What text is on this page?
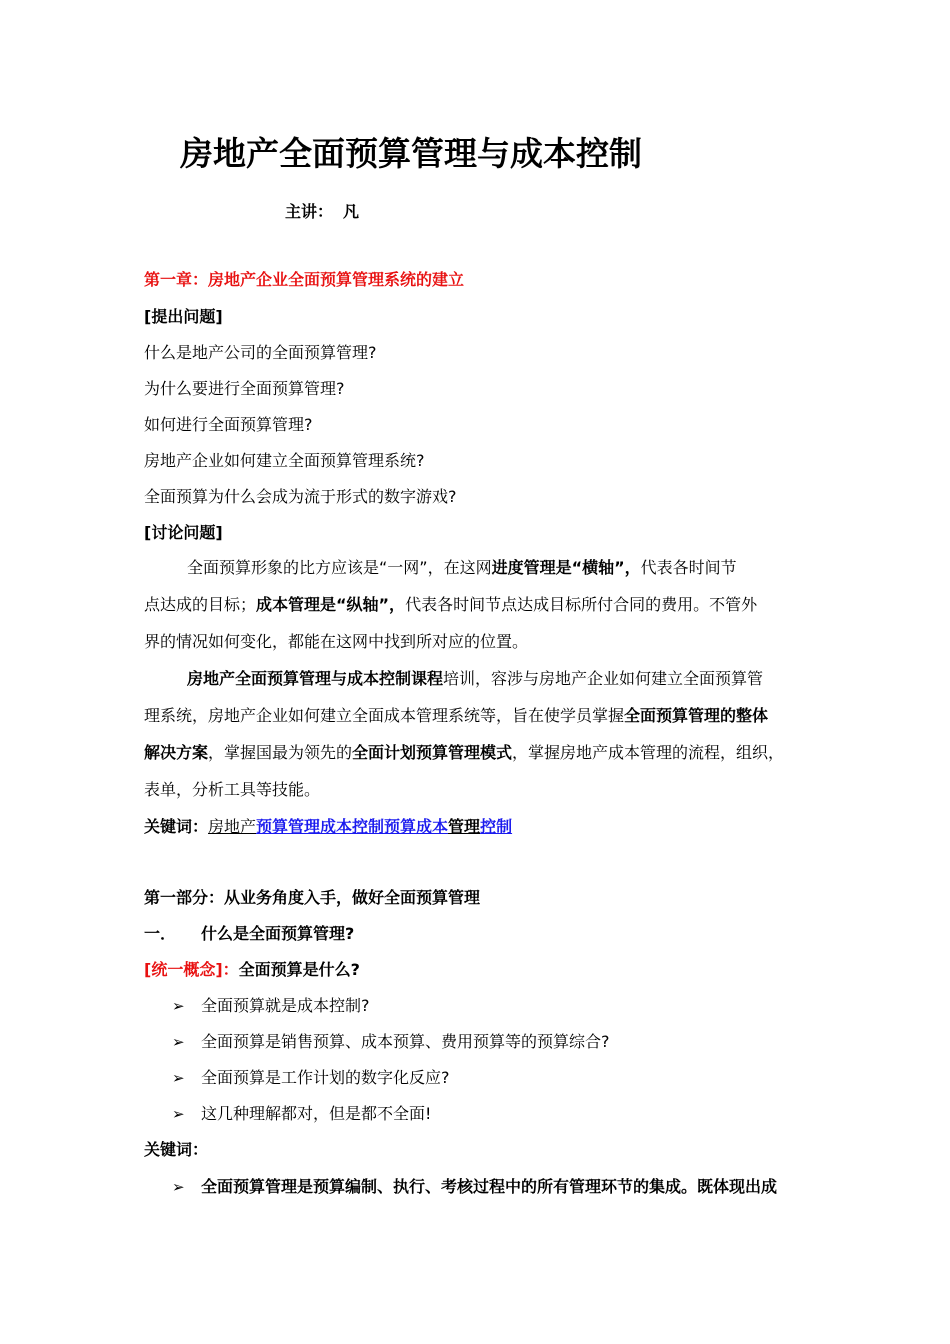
房地产全面预算管理与成本控制
主讲： 凡
第一章：房地产企业全面预算管理系统的建立
[提出问题]
什么是地产公司的全面预算管理?
为什么要进行全面预算管理?
如何进行全面预算管理?
房地产企业如何建立全面预算管理系统?
全面预算为什么会成为流于形式的数字游戏?
[讨论问题]
全面预算形象的比方应该是“一网”，在这网进度管理是“横轴”，代表各时间节
点达成的目标；成本管理是“纵轴”，代表各时间节点达成目标所付合同的费用。不管外
界的情况如何变化，都能在这网中找到所对应的位置。
房地产全面预算管理与成本控制课程培训，容涉与房地产企业如何建立全面预算管
理系统，房地产企业如何建立全面成本管理系统等，旨在使学员掌握全面预算管理的整体
解决方案，掌握国最为领先的全面计划预算管理模式，掌握房地产成本管理的流程，组织，
表单，分析工具等技能。
关键词：房地产预算管理成本控制预算成本管理控制
第一部分：从业务角度入手，做好全面预算管理
一． 什么是全面预算管理?
[统一概念]：全面预算是什么?
➢ 全面预算就是成本控制?
➢ 全面预算是销售预算、成本预算、费用预算等的预算综合?
➢ 全面预算是工作计划的数字化反应?
➢ 这几种理解都对，但是都不全面!
关键词：
➢ 全面预算管理是预算编制、执行、考核过程中的所有管理环节的集成。既体现出成
